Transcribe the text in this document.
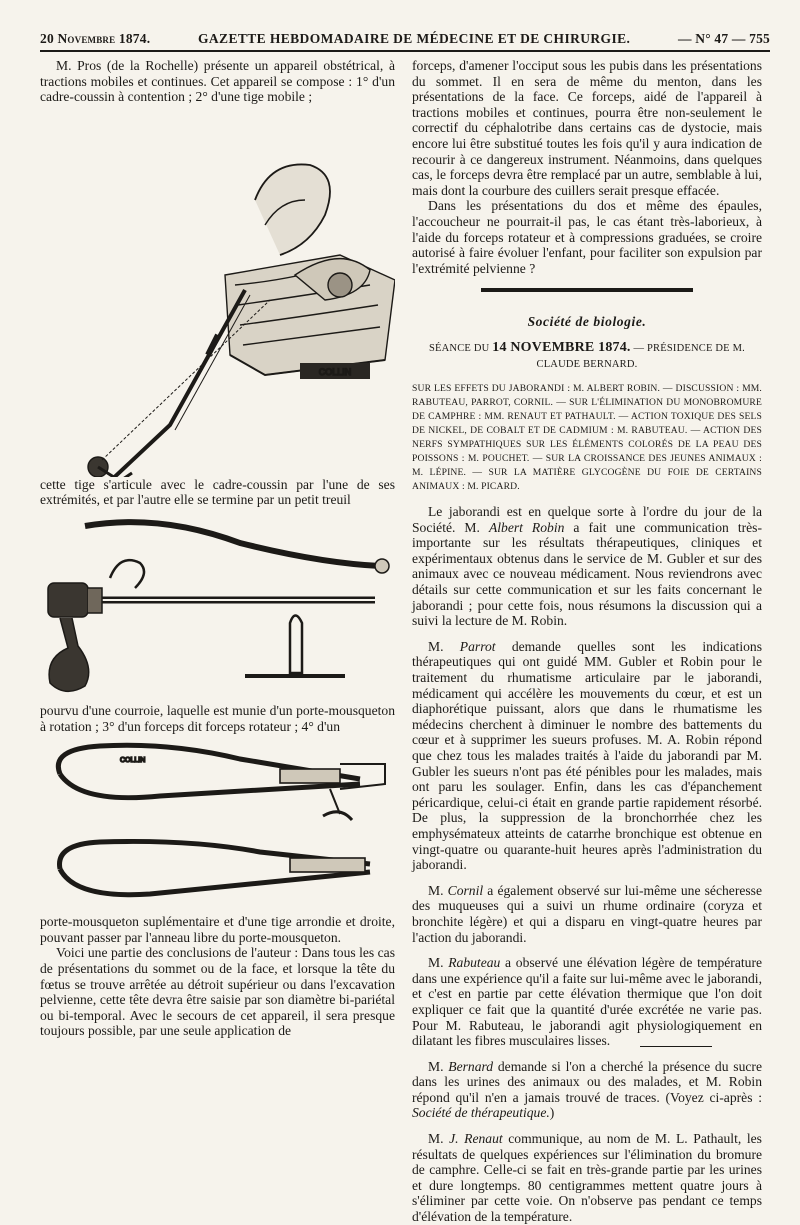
20 Novembre 1874.	GAZETTE HEBDOMADAIRE DE MÉDECINE ET DE CHIRURGIE.	— N° 47 — 755

M. Pros (de la Rochelle) présente un appareil obstétrical, à tractions mobiles et continues. Cet appareil se compose : 1° d'un cadre-coussin à contention ; 2° d'une tige mobile ;

COLLIN

cette tige s'articule avec le cadre-coussin par l'une de ses extrémités, et par l'autre elle se termine par un petit treuil

pourvu d'une courroie, laquelle est munie d'un porte-mousqueton à rotation ; 3° d'un forceps dit forceps rotateur ; 4° d'un

COLLIN

porte-mousqueton suplémentaire et d'une tige arrondie et droite, pouvant passer par l'anneau libre du porte-mousqueton.

Voici une partie des conclusions de l'auteur : Dans tous les cas de présentations du sommet ou de la face, et lorsque la tête du fœtus se trouve arrêtée au détroit supérieur ou dans l'excavation pelvienne, cette tête devra être saisie par son diamètre bi-pariétal ou bi-temporal. Avec le secours de cet appareil, il sera presque toujours possible, par une seule application de

forceps, d'amener l'occiput sous les pubis dans les présentations du sommet. Il en sera de même du menton, dans les présentations de la face. Ce forceps, aidé de l'appareil à tractions mobiles et continues, pourra être non-seulement le correctif du céphalotribe dans certains cas de dystocie, mais encore lui être substitué toutes les fois qu'il y aura indication de recourir à ce dangereux instrument. Néanmoins, dans quelques cas, le forceps devra être remplacé par un autre, semblable à lui, mais dont la courbure des cuillers serait presque effacée.

Dans les présentations du dos et même des épaules, l'accoucheur ne pourrait-il pas, le cas étant très-laborieux, à l'aide du forceps rotateur et à compressions graduées, se croire autorisé à faire évoluer l'enfant, pour faciliter son expulsion par l'extrémité pelvienne ?

Société de biologie.

SÉANCE DU 14 NOVEMBRE 1874. — PRÉSIDENCE DE M. CLAUDE BERNARD.

SUR LES EFFETS DU JABORANDI : M. ALBERT ROBIN. — DISCUSSION : MM. RABUTEAU, PARROT, CORNIL. — SUR L'ÉLIMINATION DU MONOBROMURE DE CAMPHRE : MM. RENAUT ET PATHAULT. — ACTION TOXIQUE DES SELS DE NICKEL, DE COBALT ET DE CADMIUM : M. RABUTEAU. — ACTION DES NERFS SYMPATHIQUES SUR LES ÉLÉMENTS COLORÉS DE LA PEAU DES POISSONS : M. POUCHET. — SUR LA CROISSANCE DES JEUNES ANIMAUX : M. LÉPINE. — SUR LA MATIÈRE GLYCOGÈNE DU FOIE DE CERTAINS ANIMAUX : M. PICARD.

Le jaborandi est en quelque sorte à l'ordre du jour de la Société. M. Albert Robin a fait une communication très-importante sur les résultats thérapeutiques, cliniques et expérimentaux obtenus dans le service de M. Gubler et sur des animaux avec ce nouveau médicament. Nous reviendrons avec détails sur cette communication et sur les faits concernant le jaborandi ; pour cette fois, nous résumons la discussion qui a suivi la lecture de M. Robin.

M. Parrot demande quelles sont les indications thérapeutiques qui ont guidé MM. Gubler et Robin pour le traitement du rhumatisme articulaire par le jaborandi, médicament qui accélère les mouvements du cœur, et est un diaphorétique puissant, alors que dans le rhumatisme les médecins cherchent à diminuer le nombre des battements du cœur et à supprimer les sueurs profuses. M. A. Robin répond que chez tous les malades traités à l'aide du jaborandi par M. Gubler les sueurs n'ont pas été pénibles pour les malades, mais ont paru les soulager. Enfin, dans les cas d'épanchement péricardique, celui-ci était en grande partie rapidement résorbé. De plus, la suppression de la bronchorrhée chez les emphysémateux atteints de catarrhe bronchique est obtenue en vingt-quatre ou quarante-huit heures après l'administration du jaborandi.

M. Cornil a également observé sur lui-même une sécheresse des muqueuses qui a suivi un rhume ordinaire (coryza et bronchite légère) et qui a disparu en vingt-quatre heures par l'action du jaborandi.

M. Rabuteau a observé une élévation légère de température dans une expérience qu'il a faite sur lui-même avec le jaborandi, et c'est en partie par cette élévation thermique que l'on doit expliquer ce fait que la quantité d'urée excrétée ne varie pas. Pour M. Rabuteau, le jaborandi agit physiologiquement en dilatant les fibres musculaires lisses.

M. Bernard demande si l'on a cherché la présence du sucre dans les urines des animaux ou des malades, et M. Robin répond qu'il n'en a jamais trouvé de traces. (Voyez ci-après : Société de thérapeutique.)

M. J. Renaut communique, au nom de M. L. Pathault, les résultats de quelques expériences sur l'élimination du bromure de camphre. Celle-ci se fait en très-grande partie par les urines et dure longtemps. 80 centigrammes mettent quatre jours à s'éliminer par cette voie. On n'observe pas pendant ce temps d'élévation de la température.
